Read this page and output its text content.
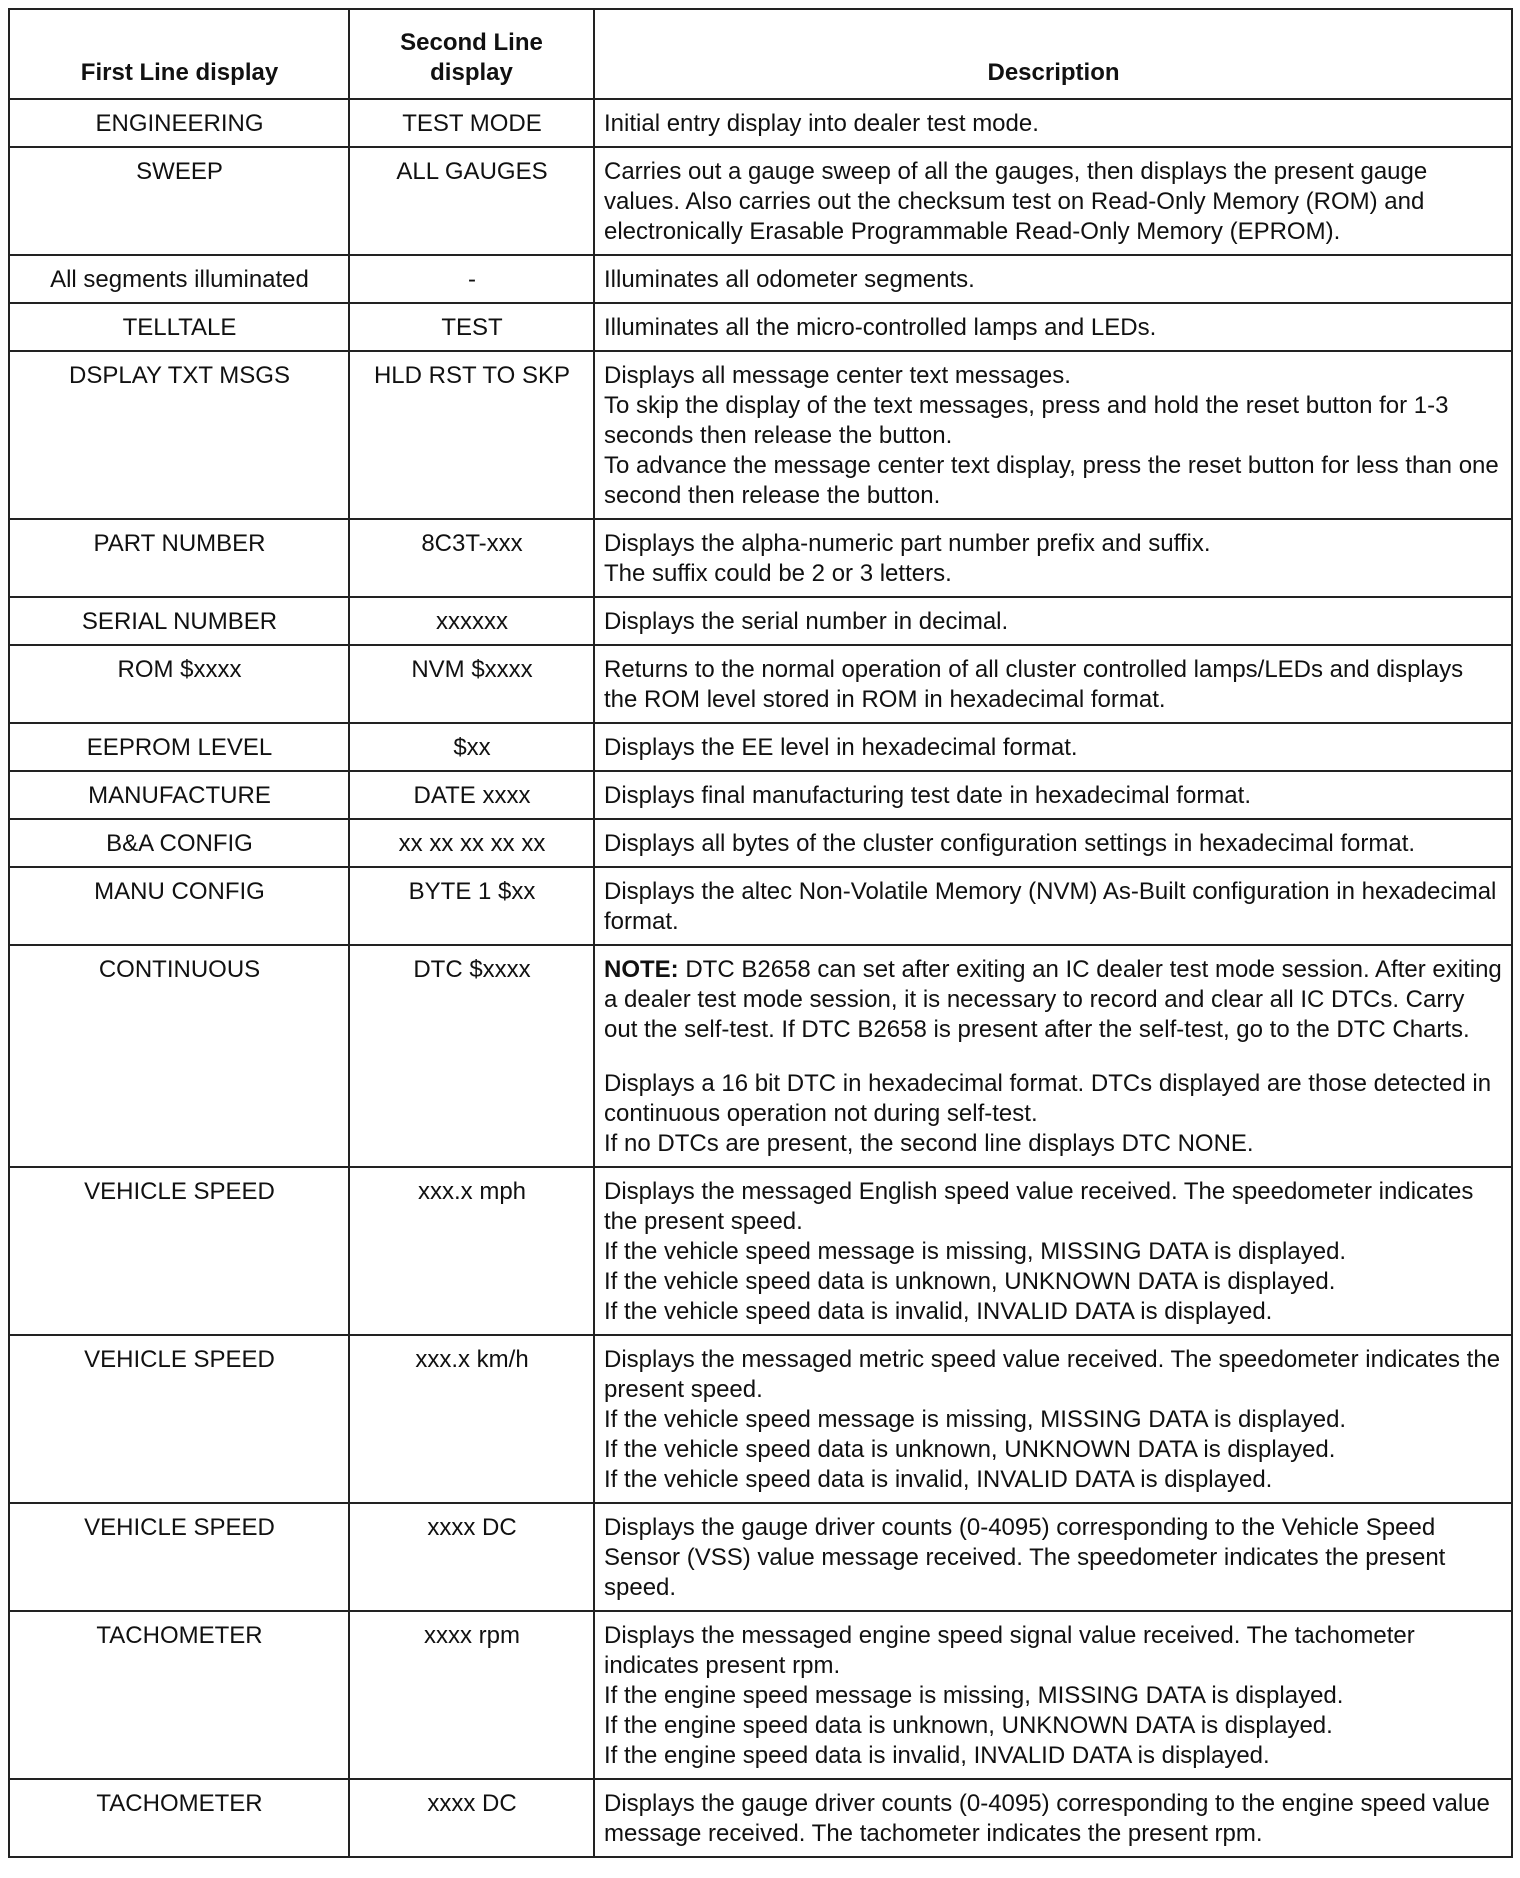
First Line display	Second Line display	Description
ENGINEERING	TEST MODE	Initial entry display into dealer test mode.

SWEEP	ALL GAUGES	Carries out a gauge sweep of all the gauges, then displays the present gauge values. Also carries out the checksum test on Read-Only Memory (ROM) and electronically Erasable Programmable Read-Only Memory (EPROM).

All segments illuminated	-	Illuminates all odometer segments.

TELLTALE	TEST	Illuminates all the micro-controlled lamps and LEDs.

DSPLAY TXT MSGS	HLD RST TO SKP	Displays all message center text messages.
To skip the display of the text messages, press and hold the reset button for 1-3 seconds then release the button.
To advance the message center text display, press the reset button for less than one second then release the button.

PART NUMBER	8C3T-xxx	Displays the alpha-numeric part number prefix and suffix.
The suffix could be 2 or 3 letters.

SERIAL NUMBER	xxxxxx	Displays the serial number in decimal.

ROM $xxxx	NVM $xxxx	Returns to the normal operation of all cluster controlled lamps/LEDs and displays the ROM level stored in ROM in hexadecimal format.

EEPROM LEVEL	$xx	Displays the EE level in hexadecimal format.

MANUFACTURE	DATE xxxx	Displays final manufacturing test date in hexadecimal format.

B&A CONFIG	xx xx xx xx xx	Displays all bytes of the cluster configuration settings in hexadecimal format.

MANU CONFIG	BYTE 1 $xx	Displays the altec Non-Volatile Memory (NVM) As-Built configuration in hexadecimal format.

CONTINUOUS	DTC $xxxx	NOTE: DTC B2658 can set after exiting an IC dealer test mode session. After exiting a dealer test mode session, it is necessary to record and clear all IC DTCs. Carry out the self-test. If DTC B2658 is present after the self-test, go to the DTC Charts.
Displays a 16 bit DTC in hexadecimal format. DTCs displayed are those detected in continuous operation not during self-test.
If no DTCs are present, the second line displays DTC NONE.

VEHICLE SPEED	xxx.x mph	Displays the messaged English speed value received. The speedometer indicates the present speed.
If the vehicle speed message is missing, MISSING DATA is displayed.
If the vehicle speed data is unknown, UNKNOWN DATA is displayed.
If the vehicle speed data is invalid, INVALID DATA is displayed.

VEHICLE SPEED	xxx.x km/h	Displays the messaged metric speed value received. The speedometer indicates the present speed.
If the vehicle speed message is missing, MISSING DATA is displayed.
If the vehicle speed data is unknown, UNKNOWN DATA is displayed.
If the vehicle speed data is invalid, INVALID DATA is displayed.

VEHICLE SPEED	xxxx DC	Displays the gauge driver counts (0-4095) corresponding to the Vehicle Speed Sensor (VSS) value message received. The speedometer indicates the present speed.

TACHOMETER	xxxx rpm	Displays the messaged engine speed signal value received. The tachometer indicates present rpm.
If the engine speed message is missing, MISSING DATA is displayed.
If the engine speed data is unknown, UNKNOWN DATA is displayed.
If the engine speed data is invalid, INVALID DATA is displayed.

TACHOMETER	xxxx DC	Displays the gauge driver counts (0-4095) corresponding to the engine speed value message received. The tachometer indicates the present rpm.
